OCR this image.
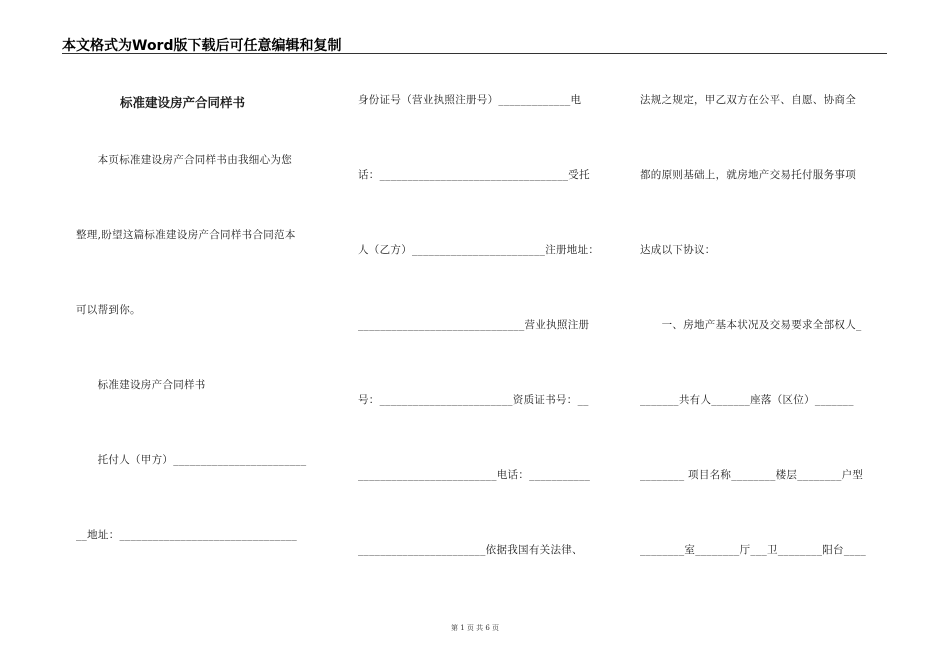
本文格式为Word版下载后可任意编辑和复制
标准建设房产合同样书
　　本页标准建设房产合同样书由我细心为您
整理,盼望这篇标准建设房产合同样书合同范本
可以帮到你。
　　标准建设房产合同样书
　　托付人（甲方）________________________
__地址：________________________________
身份证号（营业执照注册号）_____________电
话：__________________________________受托
人（乙方）________________________注册地址：
______________________________营业执照注册
号：________________________资质证书号：__
_________________________电话：___________
_______________________依据我国有关法律、
法规之规定，甲乙双方在公平、自愿、协商全
都的原则基础上，就房地产交易托付服务事项
达成以下协议：
　　一、房地产基本状况及交易要求全部权人_
_______共有人_______座落（区位）_______
________ 项目名称________楼层________户型
________室________厅___卫________阳台____
第 1 页 共 6 页
